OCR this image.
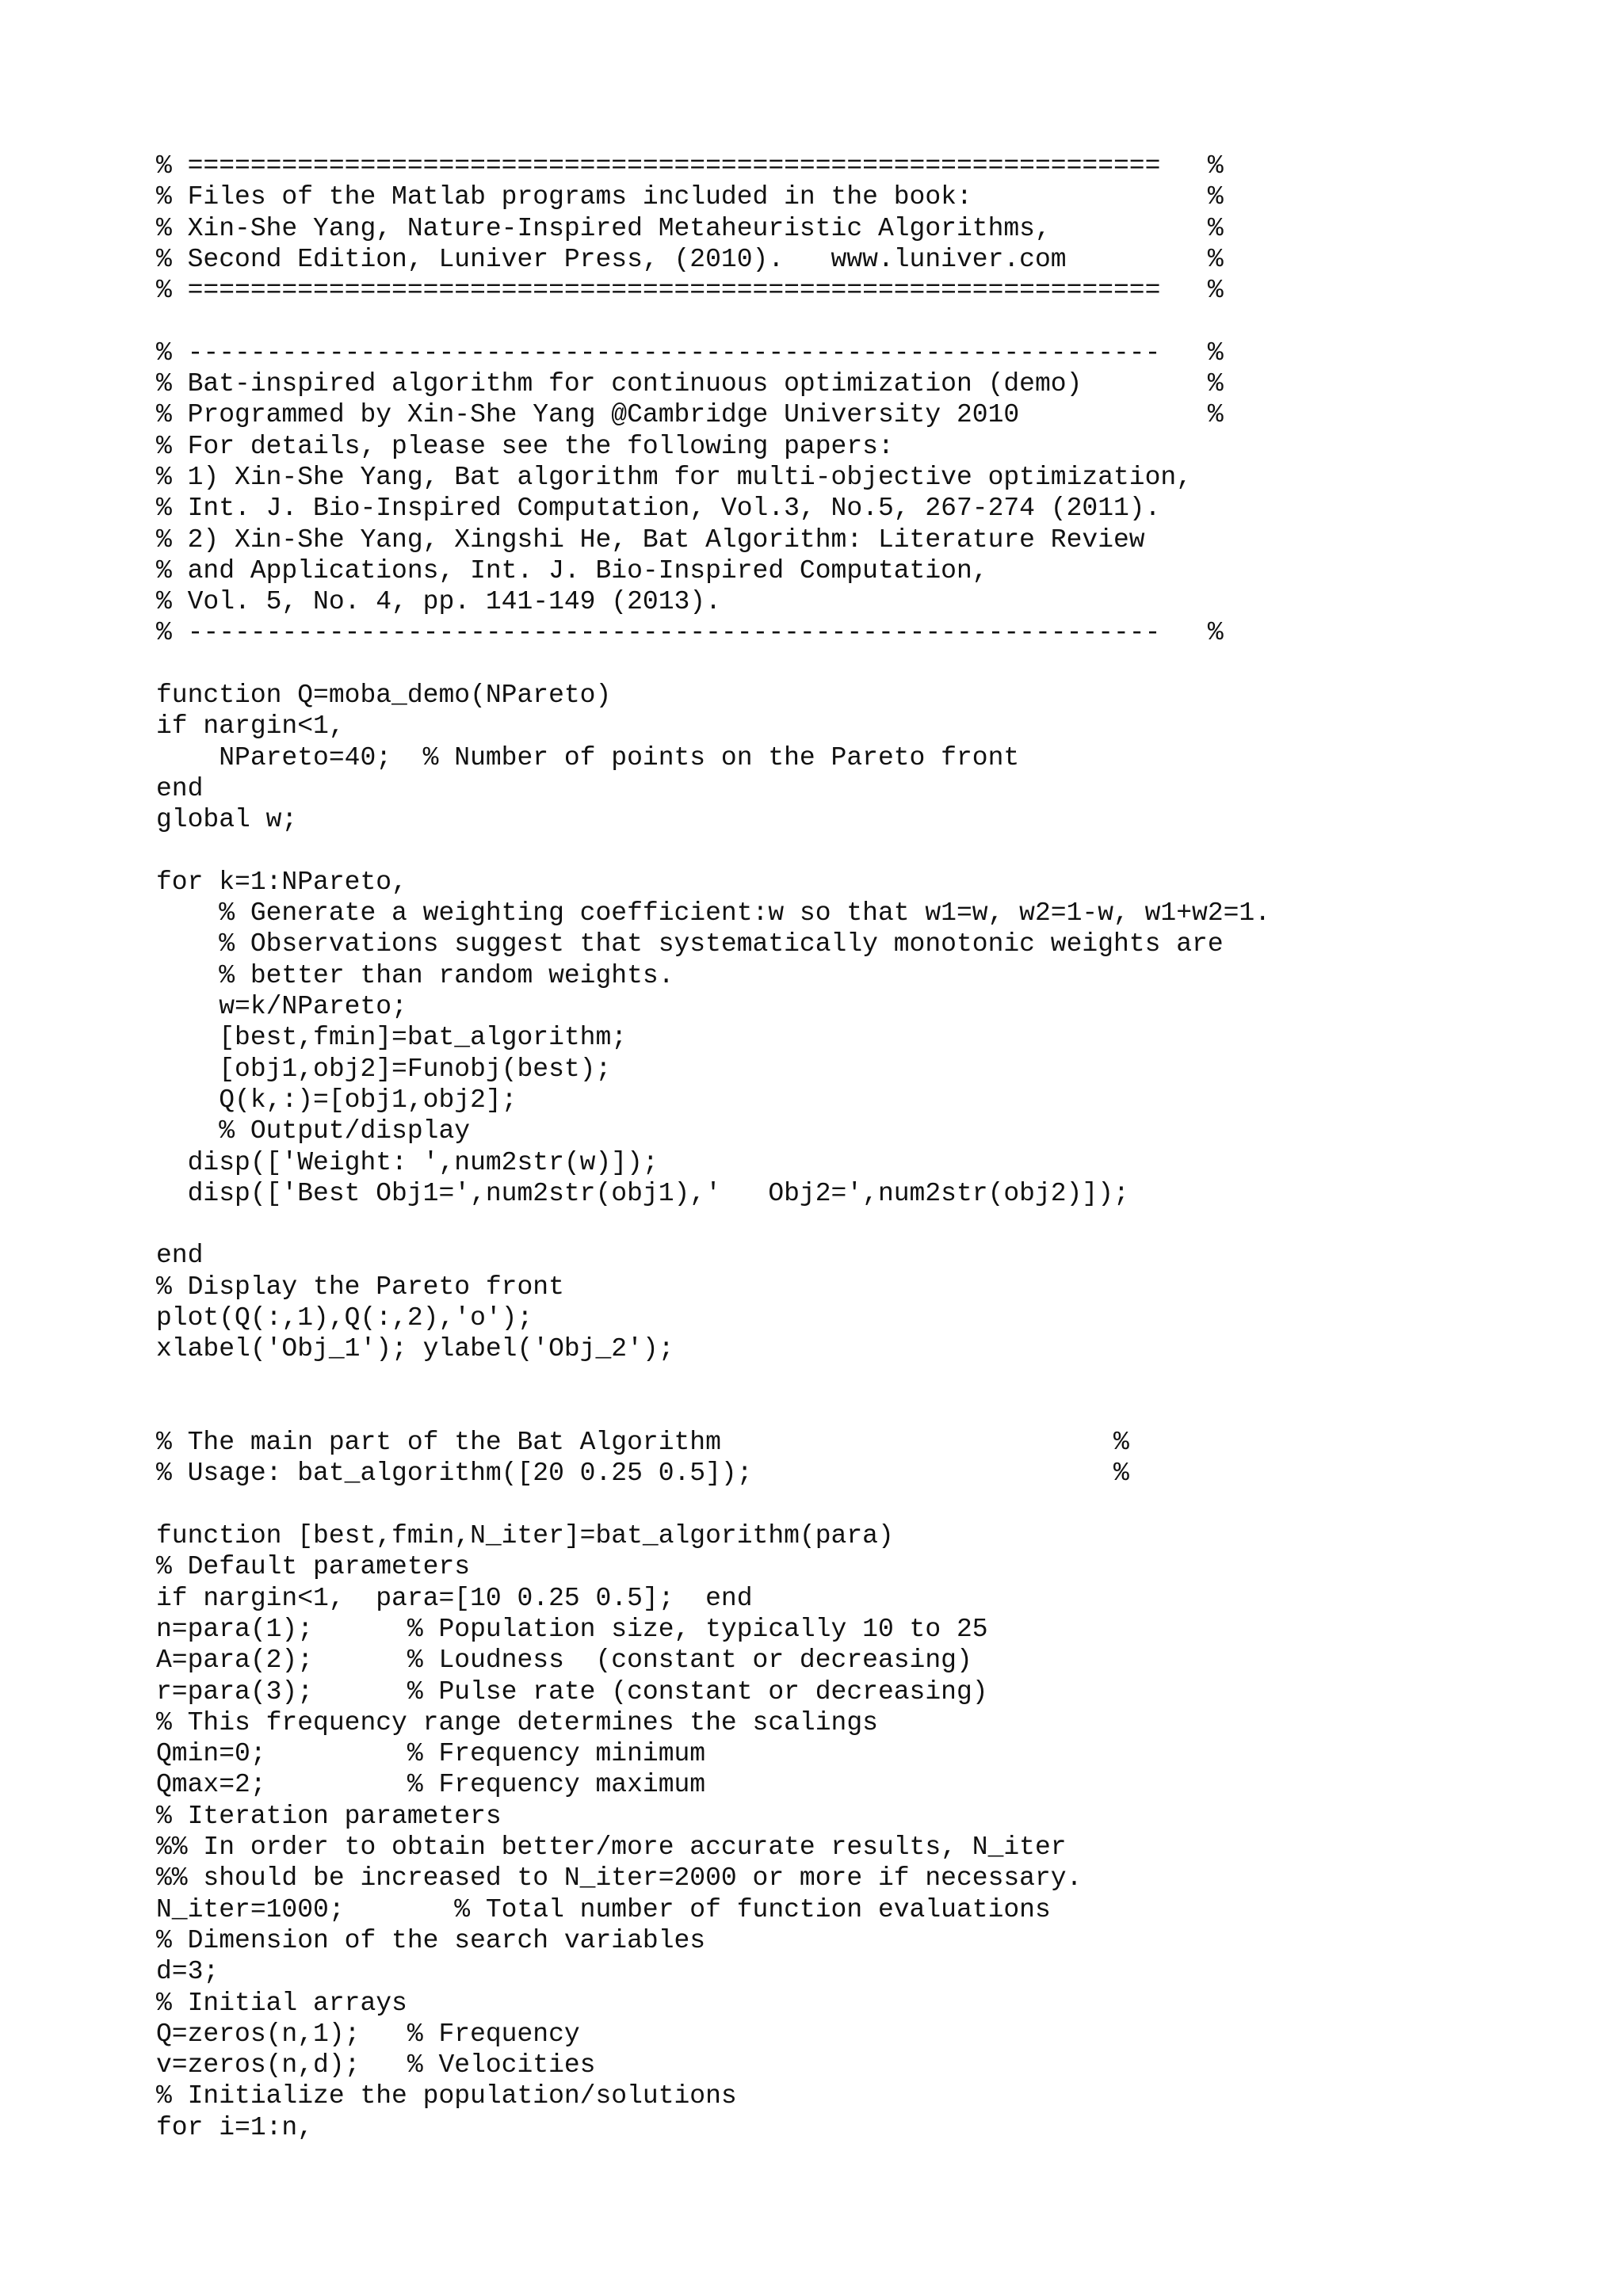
% ==============================================================   %
% Files of the Matlab programs included in the book:               %
% Xin-She Yang, Nature-Inspired Metaheuristic Algorithms,          %
% Second Edition, Luniver Press, (2010).   www.luniver.com         %
% ==============================================================   %
% --------------------------------------------------------------   %
% Bat-inspired algorithm for continuous optimization (demo)        %
% Programmed by Xin-She Yang @Cambridge University 2010            %
% For details, please see the following papers:
% 1) Xin-She Yang, Bat algorithm for multi-objective optimization,
% Int. J. Bio-Inspired Computation, Vol.3, No.5, 267-274 (2011).
% 2) Xin-She Yang, Xingshi He, Bat Algorithm: Literature Review
% and Applications, Int. J. Bio-Inspired Computation,
% Vol. 5, No. 4, pp. 141-149 (2013).
% --------------------------------------------------------------   %
function Q=moba_demo(NPareto)
if nargin<1,
NPareto=40;  % Number of points on the Pareto front
end
global w;
for k=1:NPareto,
% Generate a weighting coefficient:w so that w1=w, w2=1-w, w1+w2=1.
% Observations suggest that systematically monotonic weights are
% better than random weights.
w=k/NPareto;
[best,fmin]=bat_algorithm;
[obj1,obj2]=Funobj(best);
Q(k,:)=[obj1,obj2];
% Output/display
disp(['Weight: ',num2str(w)]);
disp(['Best Obj1=',num2str(obj1),'   Obj2=',num2str(obj2)]);
end
% Display the Pareto front
plot(Q(:,1),Q(:,2),'o');
xlabel('Obj_1'); ylabel('Obj_2');
% The main part of the Bat Algorithm                         %
% Usage: bat_algorithm([20 0.25 0.5]);                       %
function [best,fmin,N_iter]=bat_algorithm(para)
% Default parameters
if nargin<1,  para=[10 0.25 0.5];  end
n=para(1);      % Population size, typically 10 to 25
A=para(2);      % Loudness  (constant or decreasing)
r=para(3);      % Pulse rate (constant or decreasing)
% This frequency range determines the scalings
Qmin=0;         % Frequency minimum
Qmax=2;         % Frequency maximum
% Iteration parameters
%% In order to obtain better/more accurate results, N_iter
%% should be increased to N_iter=2000 or more if necessary.
N_iter=1000;       % Total number of function evaluations
% Dimension of the search variables
d=3;
% Initial arrays
Q=zeros(n,1);   % Frequency
v=zeros(n,d);   % Velocities
% Initialize the population/solutions
for i=1:n,
